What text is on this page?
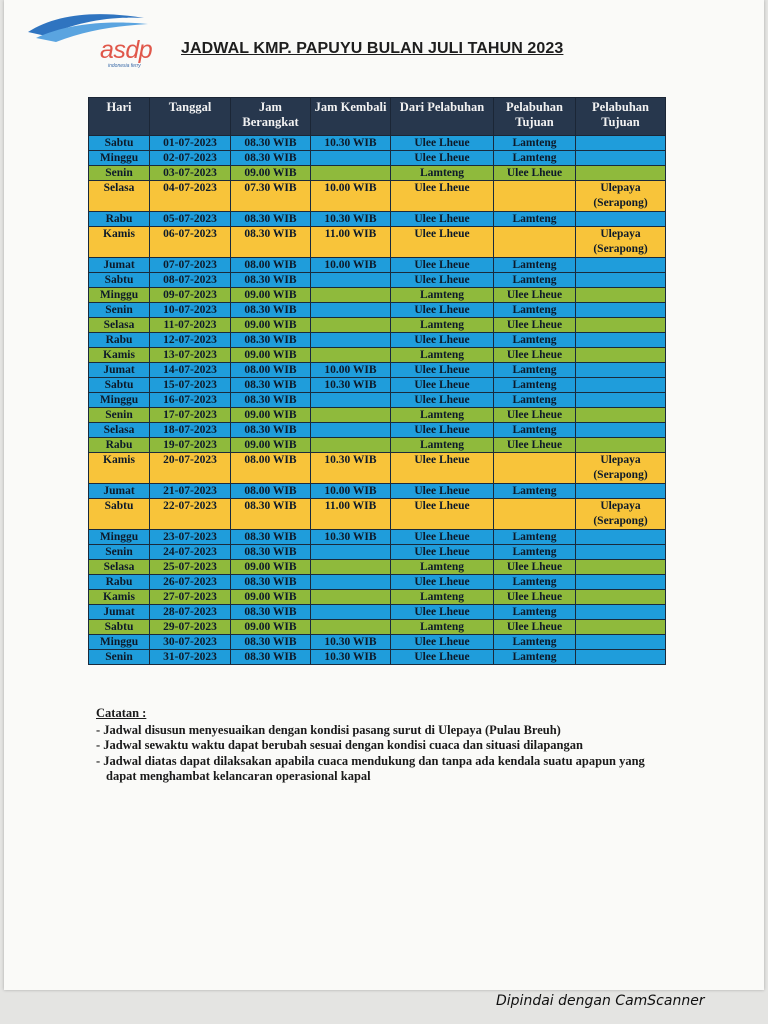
asdp
indonesia ferry
JADWAL KMP. PAPUYU BULAN JULI TAHUN 2023
Hari	Tanggal	Jam Berangkat	Jam Kembali	Dari Pelabuhan	Pelabuhan Tujuan	Pelabuhan Tujuan
Sabtu	01-07-2023	08.30 WIB	10.30 WIB	Ulee Lheue	Lamteng	
Minggu	02-07-2023	08.30 WIB		Ulee Lheue	Lamteng	
Senin	03-07-2023	09.00 WIB		Lamteng	Ulee Lheue	
Selasa	04-07-2023	07.30 WIB	10.00 WIB	Ulee Lheue		Ulepaya (Serapong)
Rabu	05-07-2023	08.30 WIB	10.30 WIB	Ulee Lheue	Lamteng	
Kamis	06-07-2023	08.30 WIB	11.00 WIB	Ulee Lheue		Ulepaya (Serapong)
Jumat	07-07-2023	08.00 WIB	10.00 WIB	Ulee Lheue	Lamteng	
Sabtu	08-07-2023	08.30 WIB		Ulee Lheue	Lamteng	
Minggu	09-07-2023	09.00 WIB		Lamteng	Ulee Lheue	
Senin	10-07-2023	08.30 WIB		Ulee Lheue	Lamteng	
Selasa	11-07-2023	09.00 WIB		Lamteng	Ulee Lheue	
Rabu	12-07-2023	08.30 WIB		Ulee Lheue	Lamteng	
Kamis	13-07-2023	09.00 WIB		Lamteng	Ulee Lheue	
Jumat	14-07-2023	08.00 WIB	10.00 WIB	Ulee Lheue	Lamteng	
Sabtu	15-07-2023	08.30 WIB	10.30 WIB	Ulee Lheue	Lamteng	
Minggu	16-07-2023	08.30 WIB		Ulee Lheue	Lamteng	
Senin	17-07-2023	09.00 WIB		Lamteng	Ulee Lheue	
Selasa	18-07-2023	08.30 WIB		Ulee Lheue	Lamteng	
Rabu	19-07-2023	09.00 WIB		Lamteng	Ulee Lheue	
Kamis	20-07-2023	08.00 WIB	10.30 WIB	Ulee Lheue		Ulepaya (Serapong)
Jumat	21-07-2023	08.00 WIB	10.00 WIB	Ulee Lheue	Lamteng	
Sabtu	22-07-2023	08.30 WIB	11.00 WIB	Ulee Lheue		Ulepaya (Serapong)
Minggu	23-07-2023	08.30 WIB	10.30 WIB	Ulee Lheue	Lamteng	
Senin	24-07-2023	08.30 WIB		Ulee Lheue	Lamteng	
Selasa	25-07-2023	09.00 WIB		Lamteng	Ulee Lheue	
Rabu	26-07-2023	08.30 WIB		Ulee Lheue	Lamteng	
Kamis	27-07-2023	09.00 WIB		Lamteng	Ulee Lheue	
Jumat	28-07-2023	08.30 WIB		Ulee Lheue	Lamteng	
Sabtu	29-07-2023	09.00 WIB		Lamteng	Ulee Lheue	
Minggu	30-07-2023	08.30 WIB	10.30 WIB	Ulee Lheue	Lamteng	
Senin	31-07-2023	08.30 WIB	10.30 WIB	Ulee Lheue	Lamteng	
Catatan :
- Jadwal disusun menyesuaikan dengan kondisi pasang surut di Ulepaya (Pulau Breuh)
- Jadwal sewaktu waktu dapat berubah sesuai dengan kondisi cuaca dan situasi dilapangan
- Jadwal diatas dapat dilaksakan apabila cuaca mendukung dan tanpa ada kendala suatu apapun yang dapat menghambat kelancaran operasional kapal
Dipindai dengan CamScanner
